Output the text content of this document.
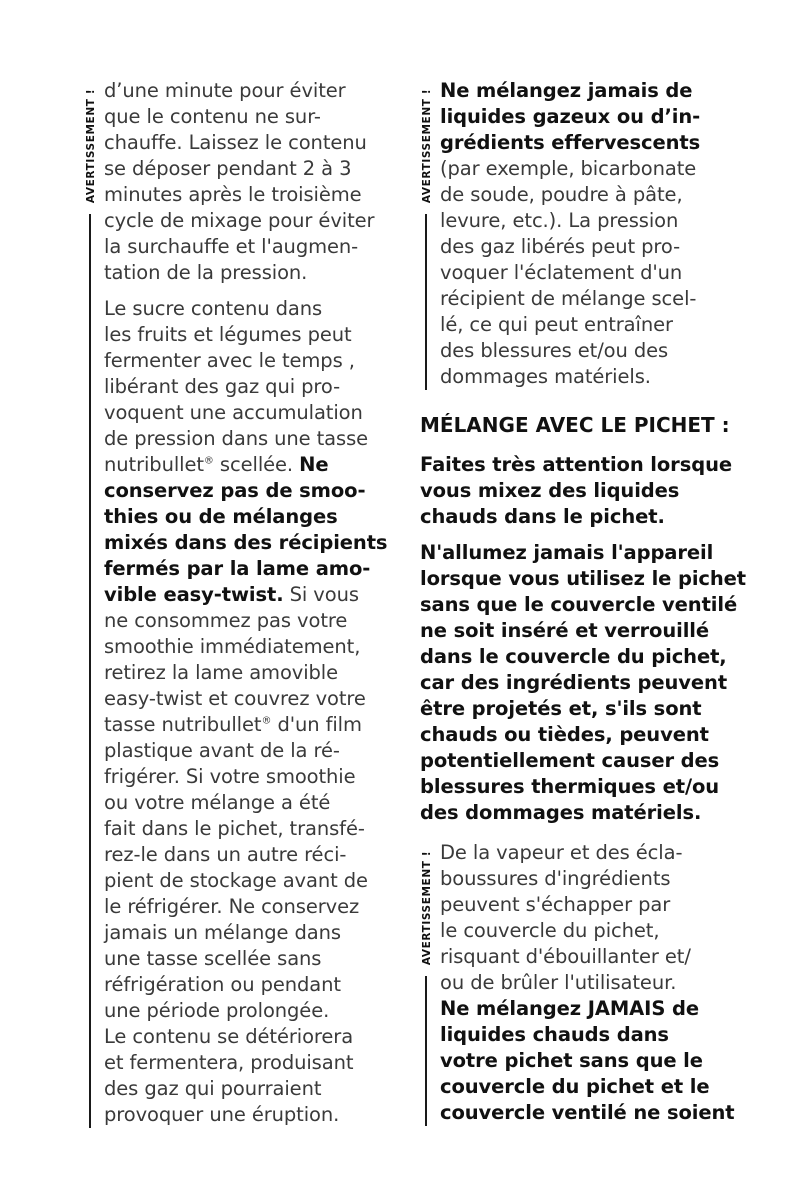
AVERTISSEMENT ! d’une minute pour éviter
que le contenu ne sur-
chauffe. Laissez le contenu
se déposer pendant 2 à 3
minutes après le troisième
cycle de mixage pour éviter
la surchauffe et l'augmen-
tation de la pression.
Le sucre contenu dans
les fruits et légumes peut
fermenter avec le temps ,
libérant des gaz qui pro-
voquent une accumulation
de pression dans une tasse
nutribullet® scellée. Ne
conservez pas de smoo-
thies ou de mélanges
mixés dans des récipients
fermés par la lame amo-
vible easy-twist. Si vous
ne consommez pas votre
smoothie immédiatement,
retirez la lame amovible
easy-twist et couvrez votre
tasse nutribullet® d'un film
plastique avant de la ré-
frigérer. Si votre smoothie
ou votre mélange a été
fait dans le pichet, transfé-
rez-le dans un autre réci-
pient de stockage avant de
le réfrigérer. Ne conservez
jamais un mélange dans
une tasse scellée sans
réfrigération ou pendant
une période prolongée.
Le contenu se détériorera
et fermentera, produisant
des gaz qui pourraient
provoquer une éruption.
AVERTISSEMENT ! Ne mélangez jamais de
liquides gazeux ou d’in-
grédients effervescents
(par exemple, bicarbonate
de soude, poudre à pâte,
levure, etc.). La pression
des gaz libérés peut pro-
voquer l'éclatement d'un
récipient de mélange scel-
lé, ce qui peut entraîner
des blessures et/ou des
dommages matériels.
MÉLANGE AVEC LE PICHET :
Faites très attention lorsque
vous mixez des liquides
chauds dans le pichet.
N'allumez jamais l'appareil
lorsque vous utilisez le pichet
sans que le couvercle ventilé
ne soit inséré et verrouillé
dans le couvercle du pichet,
car des ingrédients peuvent
être projetés et, s'ils sont
chauds ou tièdes, peuvent
potentiellement causer des
blessures thermiques et/ou
des dommages matériels.
AVERTISSEMENT ! De la vapeur et des écla-
boussures d'ingrédients
peuvent s'échapper par
le couvercle du pichet,
risquant d'ébouillanter et/
ou de brûler l'utilisateur.
Ne mélangez JAMAIS de
liquides chauds dans
votre pichet sans que le
couvercle du pichet et le
couvercle ventilé ne soient
